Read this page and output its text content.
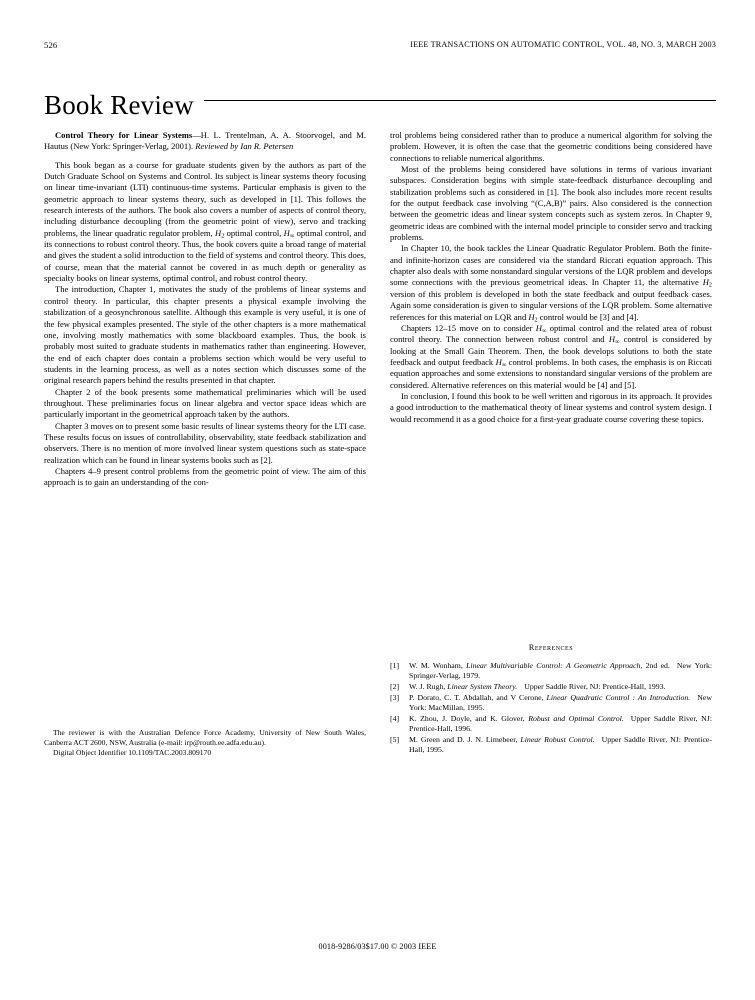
526	IEEE TRANSACTIONS ON AUTOMATIC CONTROL, VOL. 48, NO. 3, MARCH 2003
Book Review
Control Theory for Linear Systems—H. L. Trentelman, A. A. Stoorvogel, and M. Hautus (New York: Springer-Verlag, 2001). Reviewed by Ian R. Petersen

This book began as a course for graduate students given by the authors as part of the Dutch Graduate School on Systems and Control. Its subject is linear systems theory focusing on linear time-invariant (LTI) continuous-time systems. Particular emphasis is given to the geometric approach to linear systems theory, such as developed in [1]. This follows the research interests of the authors. The book also covers a number of aspects of control theory, including disturbance decoupling (from the geometric point of view), servo and tracking problems, the linear quadratic regulator problem, $H_2$ optimal control, $H_\infty$ optimal control, and its connections to robust control theory. Thus, the book covers quite a broad range of material and gives the student a solid introduction to the field of systems and control theory. This does, of course, mean that the material cannot be covered in as much depth or generality as specialty books on linear systems, optimal control, and robust control theory.

The introduction, Chapter 1, motivates the study of the problems of linear systems and control theory. In particular, this chapter presents a physical example involving the stabilization of a geosynchronous satellite. Although this example is very useful, it is one of the few physical examples presented. The style of the other chapters is a more mathematical one, involving mostly mathematics with some blackboard examples. Thus, the book is probably most suited to graduate students in mathematics rather than engineering. However, the end of each chapter does contain a problems section which would be very useful to students in the learning process, as well as a notes section which discusses some of the original research papers behind the results presented in that chapter.

Chapter 2 of the book presents some mathematical preliminaries which will be used throughout. These preliminaries focus on linear algebra and vector space ideas which are particularly important in the geometrical approach taken by the authors.

Chapter 3 moves on to present some basic results of linear systems theory for the LTI case. These results focus on issues of controllability, observability, state feedback stabilization and observers. There is no mention of more involved linear system questions such as state-space realization which can be found in linear systems books such as [2].

Chapters 4–9 present control problems from the geometric point of view. The aim of this approach is to gain an understanding of the con-

trol problems being considered rather than to produce a numerical algorithm for solving the problem. However, it is often the case that the geometric conditions being considered have connections to reliable numerical algorithms.

Most of the problems being considered have solutions in terms of various invariant subspaces. Consideration begins with simple state-feedback disturbance decoupling and stabilization problems such as considered in [1]. The book also includes more recent results for the output feedback case involving “(C,A,B)” pairs. Also considered is the connection between the geometric ideas and linear system concepts such as system zeros. In Chapter 9, geometric ideas are combined with the internal model principle to consider servo and tracking problems.

In Chapter 10, the book tackles the Linear Quadratic Regulator Problem. Both the finite- and infinite-horizon cases are considered via the standard Riccati equation approach. This chapter also deals with some nonstandard singular versions of the LQR problem and develops some connections with the previous geometrical ideas. In Chapter 11, the alternative $H_2$ version of this problem is developed in both the state feedback and output feedback cases. Again some consideration is given to singular versions of the LQR problem. Some alternative references for this material on LQR and $H_2$ control would be [3] and [4].

Chapters 12–15 move on to consider $H_\infty$ optimal control and the related area of robust control theory. The connection between robust control and $H_\infty$ control is considered by looking at the Small Gain Theorem. Then, the book develops solutions to both the state feedback and output feedback $H_\infty$ control problems. In both cases, the emphasis is on Riccati equation approaches and some extensions to nonstandard singular versions of the problem are considered. Alternative references on this material would be [4] and [5].

In conclusion, I found this book to be well written and rigorous in its approach. It provides a good introduction to the mathematical theory of linear systems and control system design. I would recommend it as a good choice for a first-year graduate course covering these topics.

The reviewer is with the Australian Defence Force Academy, University of New South Wales, Canberra ACT 2600, NSW, Australia (e-mail: irp@routh.ee.adfa.edu.au).

Digital Object Identifier 10.1109/TAC.2003.809170

References
[1]	W. M. Wonham, Linear Multivariable Control: A Geometric Approach, 2nd ed. New York: Springer-Verlag, 1979.
[2]	W. J. Rugh, Linear System Theory. Upper Saddle River, NJ: Prentice-Hall, 1993.
[3]	P. Dorato, C. T. Abdallah, and V Cerone, Linear Quadratic Control : An Introduction. New York: MacMillan, 1995.
[4]	K. Zhou, J. Doyle, and K. Glover, Robust and Optimal Control. Upper Saddle River, NJ: Prentice-Hall, 1996.
[5]	M. Green and D. J. N. Limebeer, Linear Robust Control. Upper Saddle River, NJ: Prentice-Hall, 1995.
0018-9286/03$17.00 © 2003 IEEE
